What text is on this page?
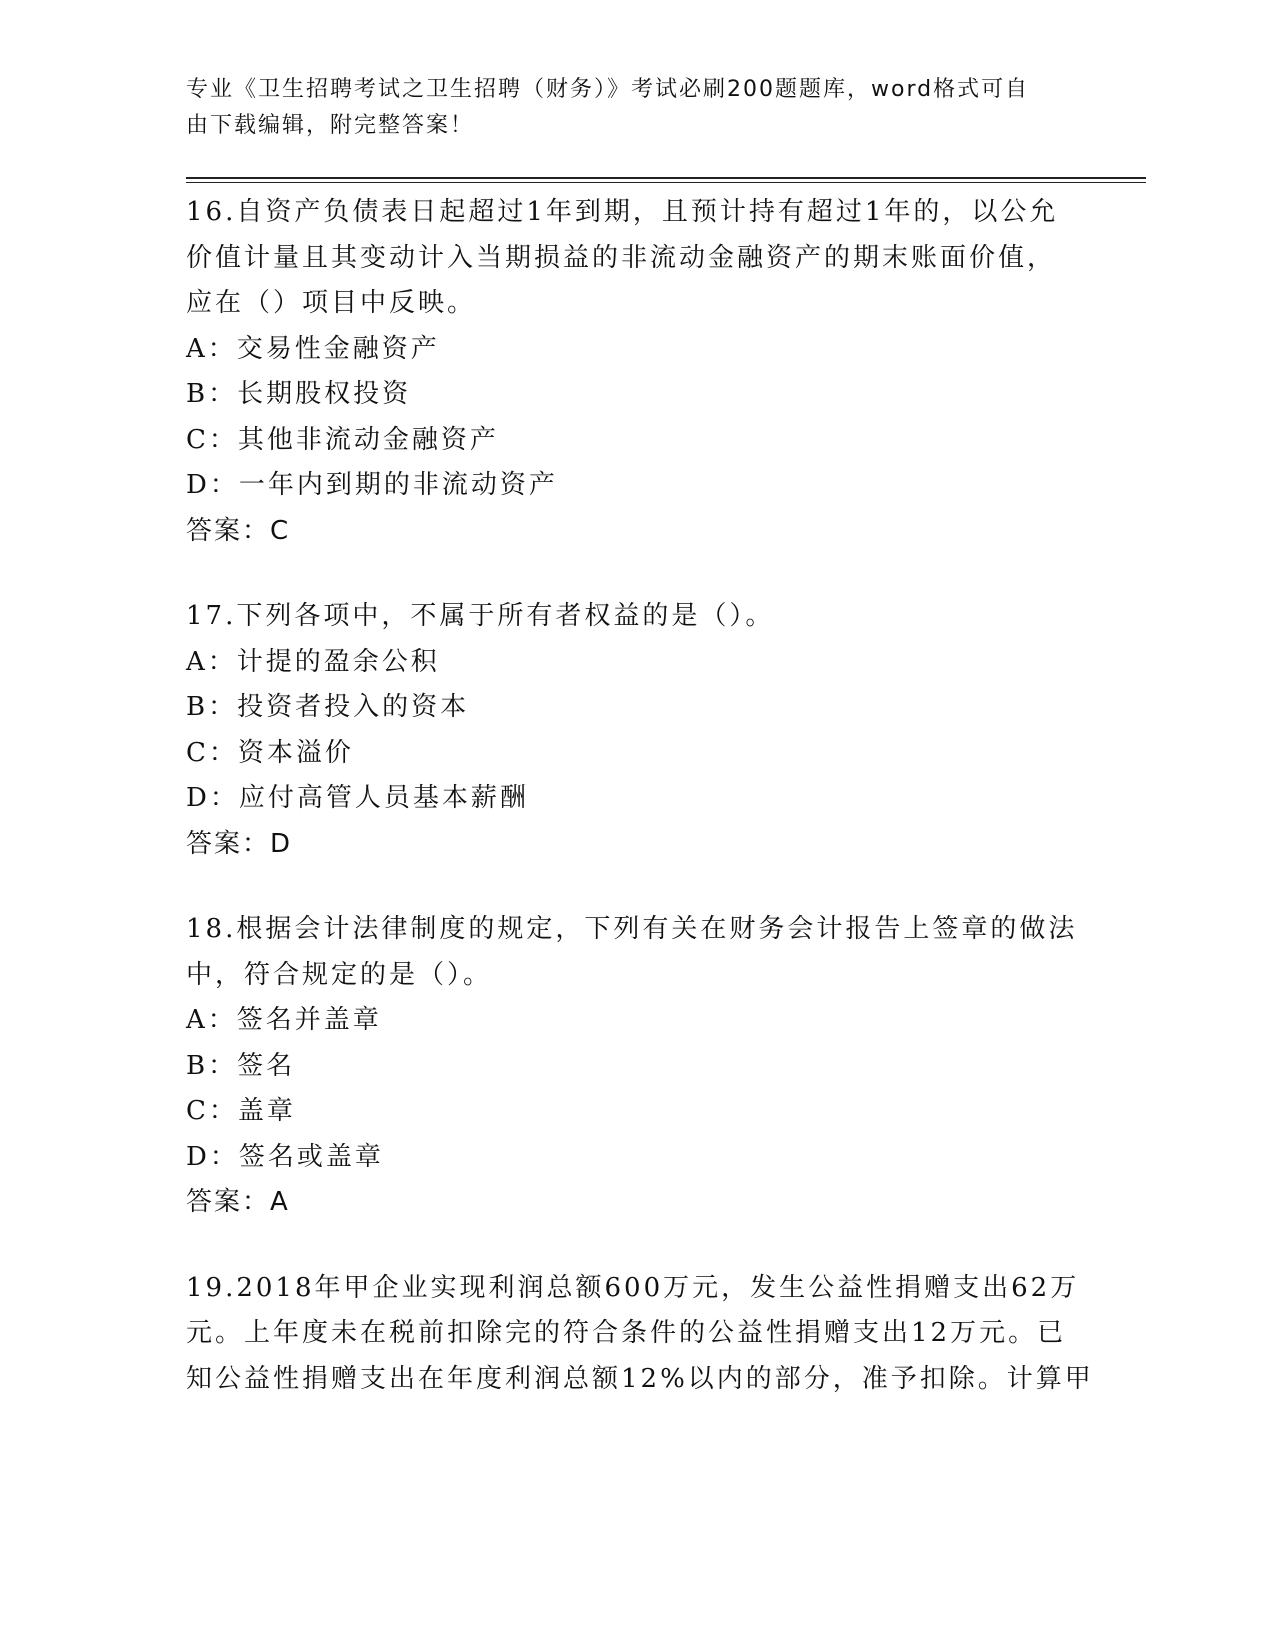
专业《卫生招聘考试之卫生招聘（财务）》考试必刷200题题库，word格式可自
由下载编辑，附完整答案！
16.自资产负债表日起超过1年到期，且预计持有超过1年的，以公允
价值计量且其变动计入当期损益的非流动金融资产的期末账面价值，
应在（）项目中反映。
A：交易性金融资产
B：长期股权投资
C：其他非流动金融资产
D：一年内到期的非流动资产
答案：C
17.下列各项中，不属于所有者权益的是（）。
A：计提的盈余公积
B：投资者投入的资本
C：资本溢价
D：应付高管人员基本薪酬
答案：D
18.根据会计法律制度的规定，下列有关在财务会计报告上签章的做法
中，符合规定的是（）。
A：签名并盖章
B：签名
C：盖章
D：签名或盖章
答案：A
19.2018年甲企业实现利润总额600万元，发生公益性捐赠支出62万
元。上年度未在税前扣除完的符合条件的公益性捐赠支出12万元。已
知公益性捐赠支出在年度利润总额12%以内的部分，准予扣除。计算甲
